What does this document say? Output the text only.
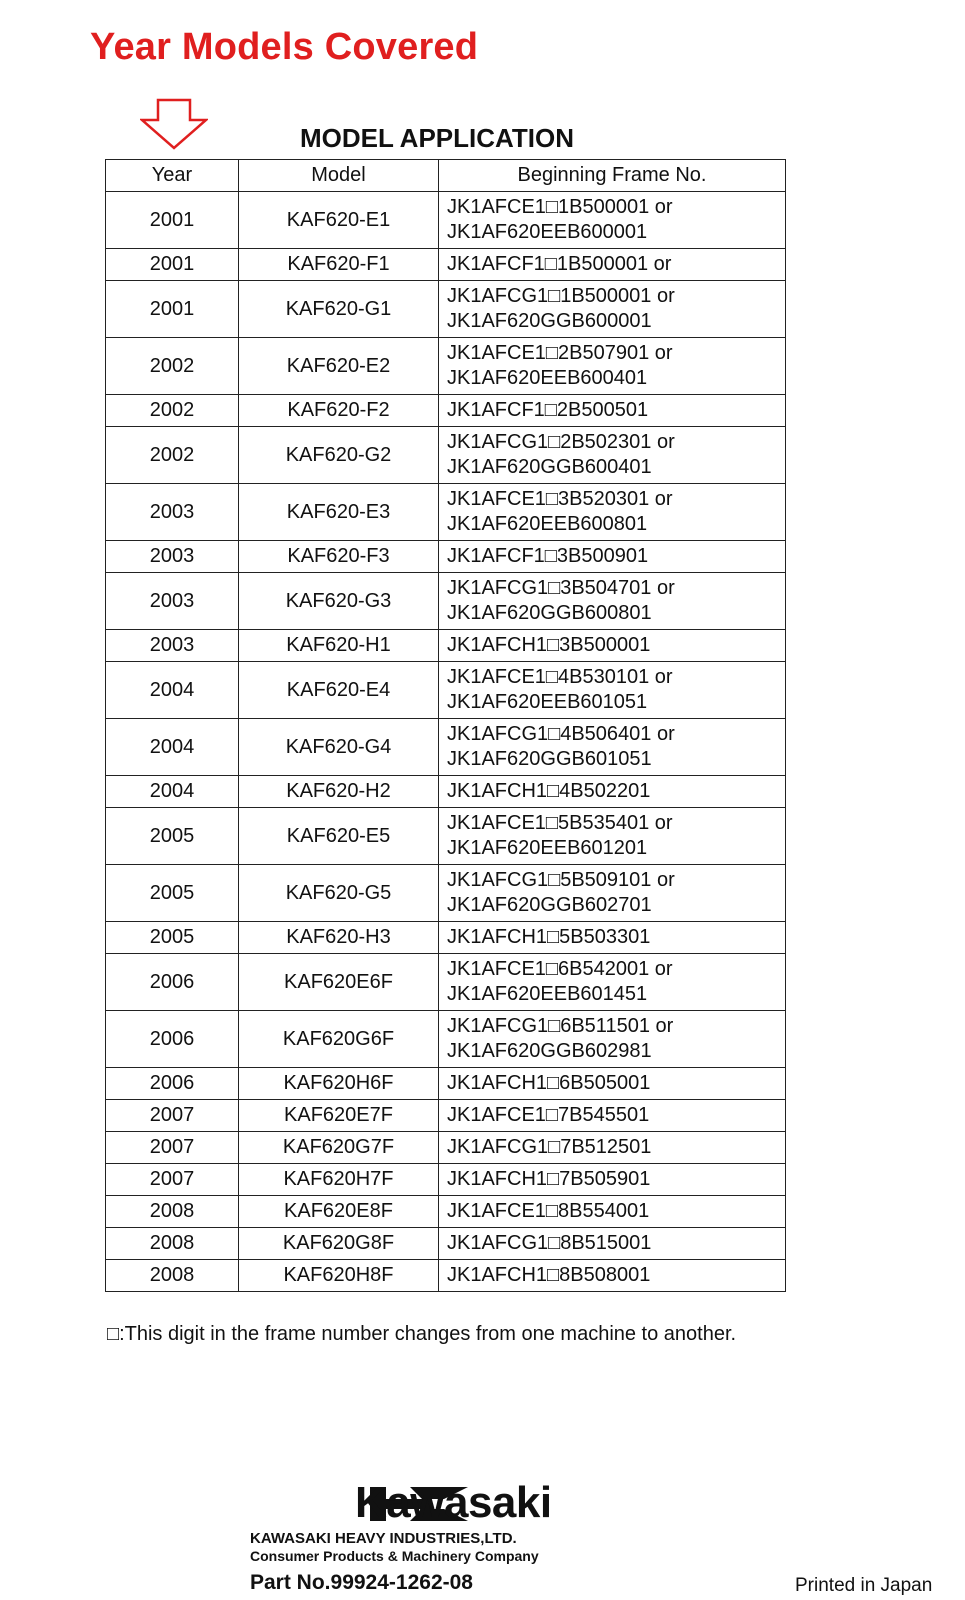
Year Models Covered
MODEL APPLICATION
Year	Model	Beginning Frame No.
2001	KAF620-E1	JK1AFCE1□1B500001 or
JK1AF620EEB600001

2001	KAF620-F1	JK1AFCF1□1B500001 or

2001	KAF620-G1	JK1AFCG1□1B500001 or
JK1AF620GGB600001

2002	KAF620-E2	JK1AFCE1□2B507901 or
JK1AF620EEB600401

2002	KAF620-F2	JK1AFCF1□2B500501

2002	KAF620-G2	JK1AFCG1□2B502301 or
JK1AF620GGB600401

2003	KAF620-E3	JK1AFCE1□3B520301 or
JK1AF620EEB600801

2003	KAF620-F3	JK1AFCF1□3B500901

2003	KAF620-G3	JK1AFCG1□3B504701 or
JK1AF620GGB600801

2003	KAF620-H1	JK1AFCH1□3B500001

2004	KAF620-E4	JK1AFCE1□4B530101 or
JK1AF620EEB601051

2004	KAF620-G4	JK1AFCG1□4B506401 or
JK1AF620GGB601051

2004	KAF620-H2	JK1AFCH1□4B502201

2005	KAF620-E5	JK1AFCE1□5B535401 or
JK1AF620EEB601201

2005	KAF620-G5	JK1AFCG1□5B509101 or
JK1AF620GGB602701

2005	KAF620-H3	JK1AFCH1□5B503301

2006	KAF620E6F	JK1AFCE1□6B542001 or
JK1AF620EEB601451

2006	KAF620G6F	JK1AFCG1□6B511501 or
JK1AF620GGB602981

2006	KAF620H6F	JK1AFCH1□6B505001

2007	KAF620E7F	JK1AFCE1□7B545501

2007	KAF620G7F	JK1AFCG1□7B512501

2007	KAF620H7F	JK1AFCH1□7B505901

2008	KAF620E8F	JK1AFCE1□8B554001

2008	KAF620G8F	JK1AFCG1□8B515001

2008	KAF620H8F	JK1AFCH1□8B508001
□:This digit in the frame number changes from one machine to another.
Kawasaki
KAWASAKI HEAVY INDUSTRIES,LTD.
Consumer Products & Machinery Company
Part No.99924-1262-08	Printed in Japan
